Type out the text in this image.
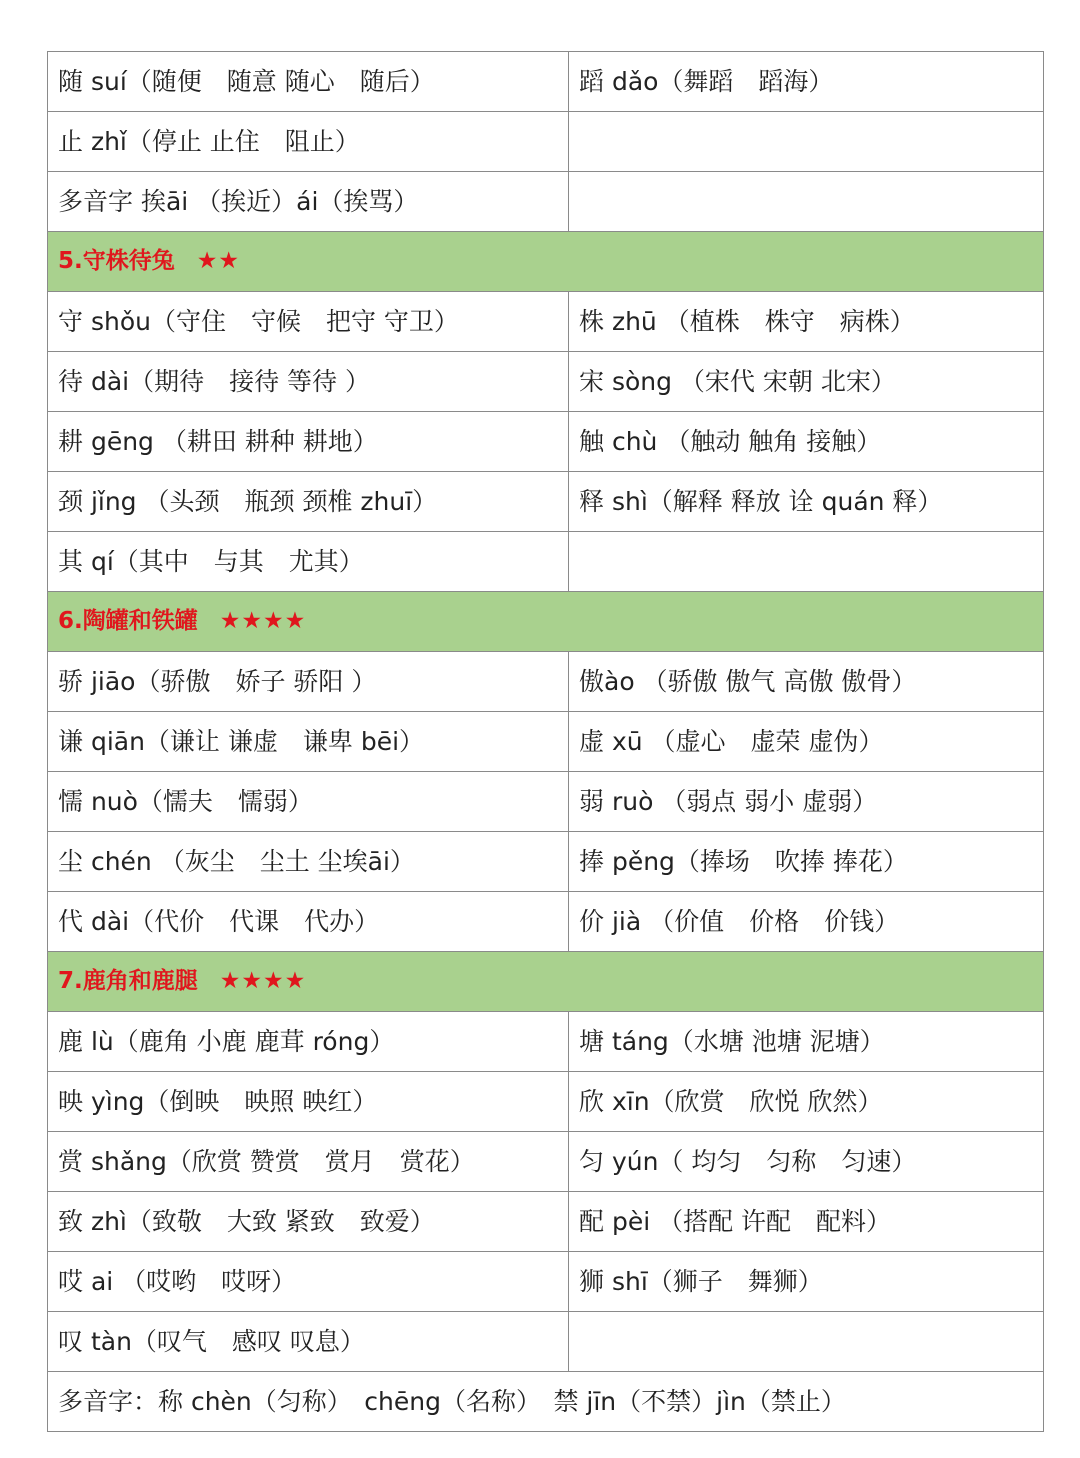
随 suí（随便　随意 随心　随后）	蹈 dǎo（舞蹈　蹈海）
止 zhǐ（停止 止住　阻止）	
多音字 挨āi （挨近）ái（挨骂）	
5.守株待兔 ★★	
守 shǒu（守住　守候　把守 守卫）	株 zhū （植株　株守　病株）
待 dài（期待　接待 等待 ）	宋 sòng （宋代 宋朝 北宋）
耕 gēng （耕田 耕种 耕地）	触 chù （触动 触角 接触）
颈 jǐng （头颈　瓶颈 颈椎 zhuī）	释 shì（解释 释放 诠 quán 释）
其 qí（其中　与其　尤其）	
6.陶罐和铁罐 ★★★★	
骄 jiāo（骄傲　娇子 骄阳 ）	傲ào （骄傲 傲气 高傲 傲骨）
谦 qiān（谦让 谦虚　谦卑 bēi）	虚 xū （虚心　虚荣 虚伪）
懦 nuò（懦夫　懦弱）	弱 ruò （弱点 弱小 虚弱）
尘 chén （灰尘　尘土 尘埃āi）	捧 pěng（捧场　吹捧 捧花）
代 dài（代价　代课　代办）	价 jià （价值　价格　价钱）
7.鹿角和鹿腿 ★★★★	
鹿 lù（鹿角 小鹿 鹿茸 róng）	塘 táng（水塘 池塘 泥塘）
映 yìng（倒映　映照 映红）	欣 xīn（欣赏　欣悦 欣然）
赏 shǎng（欣赏 赞赏　赏月　赏花）	匀 yún（ 均匀　匀称　匀速）
致 zhì（致敬　大致 紧致　致爱）	配 pèi （搭配 许配　配料）
哎 ai （哎哟　哎呀）	狮 shī（狮子　舞狮）
叹 tàn（叹气　感叹 叹息）	
多音字：称 chèn（匀称）　chēng（名称）　禁 jīn（不禁）jìn（禁止）	
